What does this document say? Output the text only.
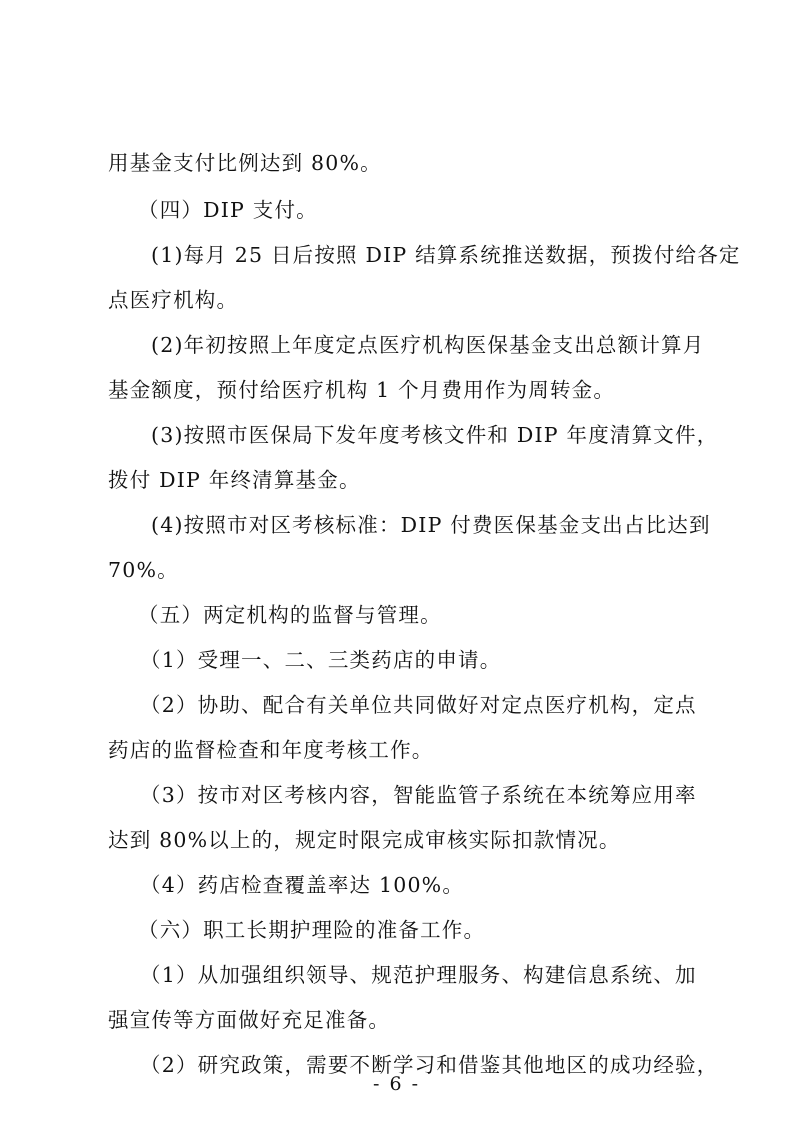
用基金支付比例达到 80%。
（四）DIP 支付。
(1)每月 25 日后按照 DIP 结算系统推送数据，预拨付给各定
点医疗机构。
(2)年初按照上年度定点医疗机构医保基金支出总额计算月
基金额度，预付给医疗机构 1 个月费用作为周转金。
(3)按照市医保局下发年度考核文件和 DIP 年度清算文件，
拨付 DIP 年终清算基金。
(4)按照市对区考核标准：DIP 付费医保基金支出占比达到
70%。
（五）两定机构的监督与管理。
（1）受理一、二、三类药店的申请。
（2）协助、配合有关单位共同做好对定点医疗机构，定点
药店的监督检查和年度考核工作。
（3）按市对区考核内容，智能监管子系统在本统筹应用率
达到 80%以上的，规定时限完成审核实际扣款情况。
（4）药店检查覆盖率达 100%。
（六）职工长期护理险的准备工作。
（1）从加强组织领导、规范护理服务、构建信息系统、加
强宣传等方面做好充足准备。
（2）研究政策，需要不断学习和借鉴其他地区的成功经验，
- 6 -
